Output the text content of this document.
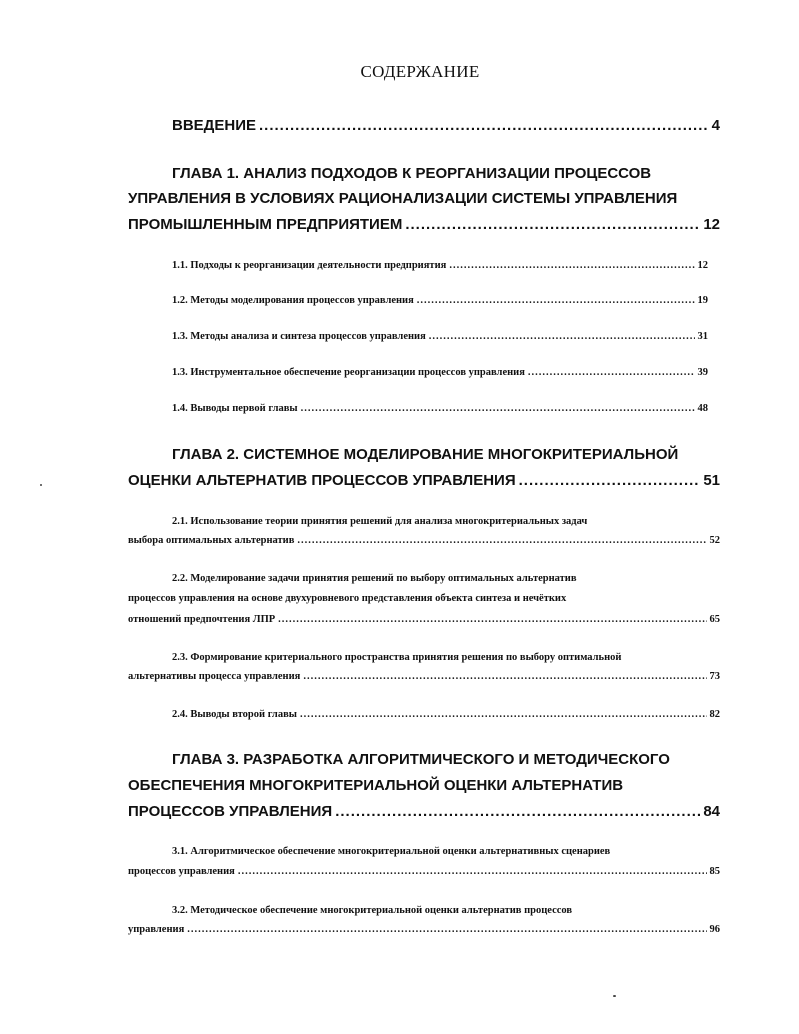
СОДЕРЖАНИЕ
ВВЕДЕНИЕ .....	4
ГЛАВА 1. АНАЛИЗ ПОДХОДОВ К РЕОРГАНИЗАЦИИ ПРОЦЕССОВ
УПРАВЛЕНИЯ В УСЛОВИЯХ РАЦИОНАЛИЗАЦИИ СИСТЕМЫ УПРАВЛЕНИЯ
ПРОМЫШЛЕННЫМ ПРЕДПРИЯТИЕМ .....	12
1.1. Подходы к реорганизации деятельности предприятия .....	12
1.2. Методы моделирования процессов управления .....	19
1.3. Методы анализа и синтеза процессов управления .....	31
1.3. Инструментальное обеспечение реорганизации процессов управления .....	39
1.4. Выводы первой главы .....	48
ГЛАВА 2. СИСТЕМНОЕ МОДЕЛИРОВАНИЕ МНОГОКРИТЕРИАЛЬНОЙ
ОЦЕНКИ АЛЬТЕРНАТИВ ПРОЦЕССОВ УПРАВЛЕНИЯ .....	51
2.1. Использование теории принятия решений для анализа многокритериальных задач
выбора оптимальных альтернатив .....	52
2.2. Моделирование задачи принятия решений по выбору оптимальных альтернатив
процессов управления на основе двухуровневого представления объекта синтеза и нечётких
отношений предпочтения ЛПР .....	65
2.3. Формирование критериального пространства принятия решения по выбору оптимальной
альтернативы процесса управления .....	73
2.4. Выводы второй главы .....	82
ГЛАВА 3. РАЗРАБОТКА АЛГОРИТМИЧЕСКОГО И МЕТОДИЧЕСКОГО
ОБЕСПЕЧЕНИЯ МНОГОКРИТЕРИАЛЬНОЙ ОЦЕНКИ АЛЬТЕРНАТИВ
ПРОЦЕССОВ УПРАВЛЕНИЯ .....	84
3.1. Алгоритмическое обеспечение многокритериальной оценки альтернативных сценариев
процессов управления .....	85
3.2. Методическое обеспечение многокритериальной оценки альтернатив процессов
управления .....	96
